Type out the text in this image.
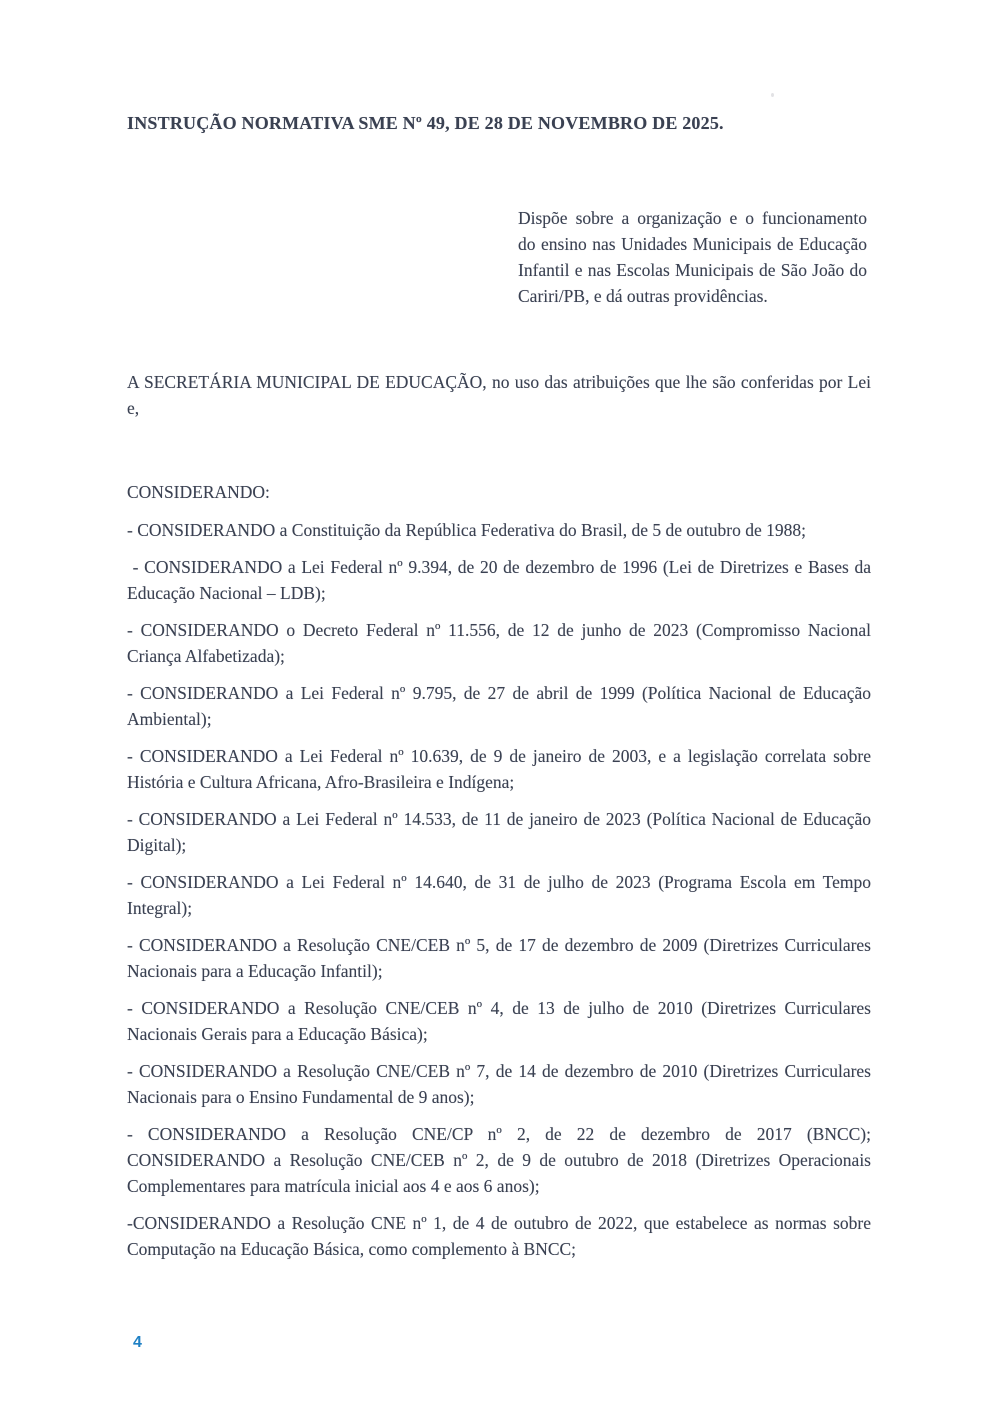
INSTRUÇÃO NORMATIVA SME Nº 49, DE 28 DE NOVEMBRO DE 2025.
Dispõe sobre a organização e o funcionamento do ensino nas Unidades Municipais de Educação Infantil e nas Escolas Municipais de São João do Cariri/PB, e dá outras providências.

A SECRETÁRIA MUNICIPAL DE EDUCAÇÃO, no uso das atribuições que lhe são conferidas por Lei e,

CONSIDERANDO:

- CONSIDERANDO a Constituição da República Federativa do Brasil, de 5 de outubro de 1988;

- CONSIDERANDO a Lei Federal nº 9.394, de 20 de dezembro de 1996 (Lei de Diretrizes e Bases da Educação Nacional – LDB);

- CONSIDERANDO o Decreto Federal nº 11.556, de 12 de junho de 2023 (Compromisso Nacional Criança Alfabetizada);

- CONSIDERANDO a Lei Federal nº 9.795, de 27 de abril de 1999 (Política Nacional de Educação Ambiental);

- CONSIDERANDO a Lei Federal nº 10.639, de 9 de janeiro de 2003, e a legislação correlata sobre História e Cultura Africana, Afro-Brasileira e Indígena;

- CONSIDERANDO a Lei Federal nº 14.533, de 11 de janeiro de 2023 (Política Nacional de Educação Digital);

- CONSIDERANDO a Lei Federal nº 14.640, de 31 de julho de 2023 (Programa Escola em Tempo Integral);

- CONSIDERANDO a Resolução CNE/CEB nº 5, de 17 de dezembro de 2009 (Diretrizes Curriculares Nacionais para a Educação Infantil);

- CONSIDERANDO a Resolução CNE/CEB nº 4, de 13 de julho de 2010 (Diretrizes Curriculares Nacionais Gerais para a Educação Básica);

- CONSIDERANDO a Resolução CNE/CEB nº 7, de 14 de dezembro de 2010 (Diretrizes Curriculares Nacionais para o Ensino Fundamental de 9 anos);

- CONSIDERANDO a Resolução CNE/CP nº 2, de 22 de dezembro de 2017 (BNCC); CONSIDERANDO a Resolução CNE/CEB nº 2, de 9 de outubro de 2018 (Diretrizes Operacionais Complementares para matrícula inicial aos 4 e aos 6 anos);

-CONSIDERANDO a Resolução CNE nº 1, de 4 de outubro de 2022, que estabelece as normas sobre Computação na Educação Básica, como complemento à BNCC;

4
